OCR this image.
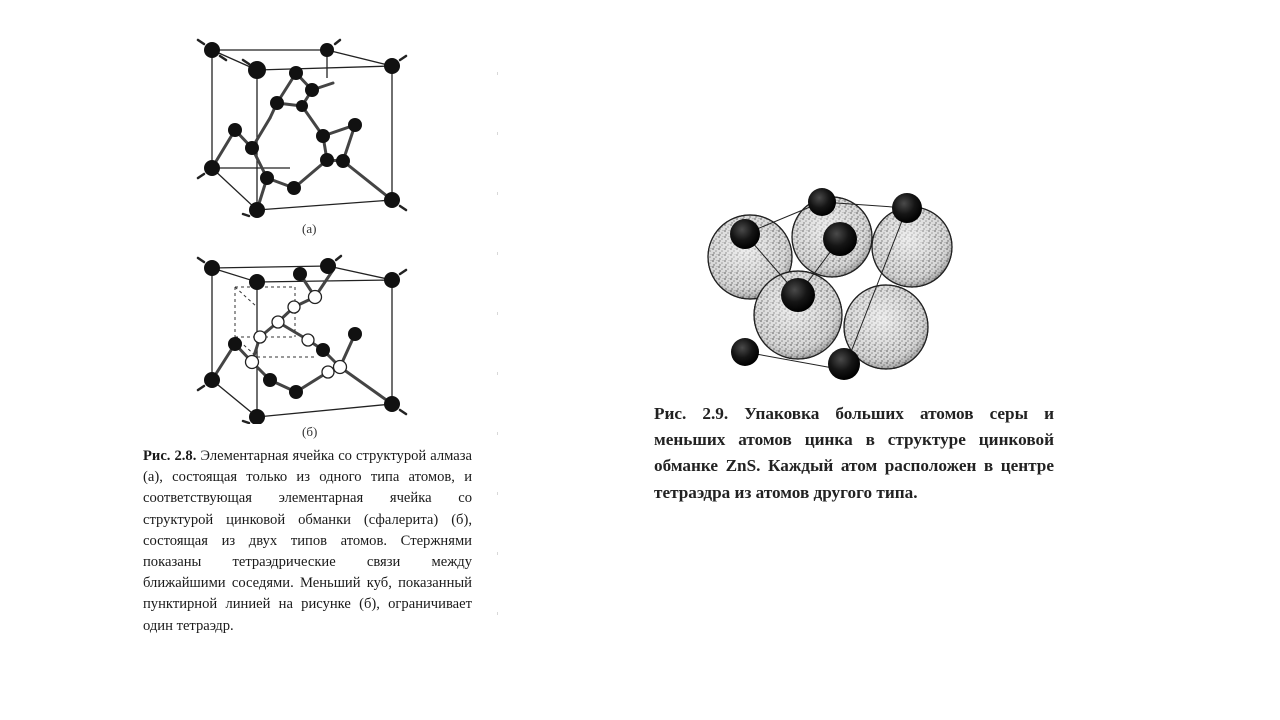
(а)
(б)

Рис. 2.8. Элементарная ячейка со структурой алмаза (а), состоящая только из одного типа атомов, и соответствующая элементарная ячейка со структурой цинковой обманки (сфалерита) (б), состоящая из двух типов атомов. Стержнями показаны тетраэдрические связи между ближайшими соседями. Меньший куб, показанный пунктирной линией на рисунке (б), ограничивает один тетраэдр.

Рис. 2.9. Упаковка больших атомов серы и меньших атомов цинка в структуре цинковой обманке ZnS. Каждый атом расположен в центре тетраэдра из атомов другого типа.
